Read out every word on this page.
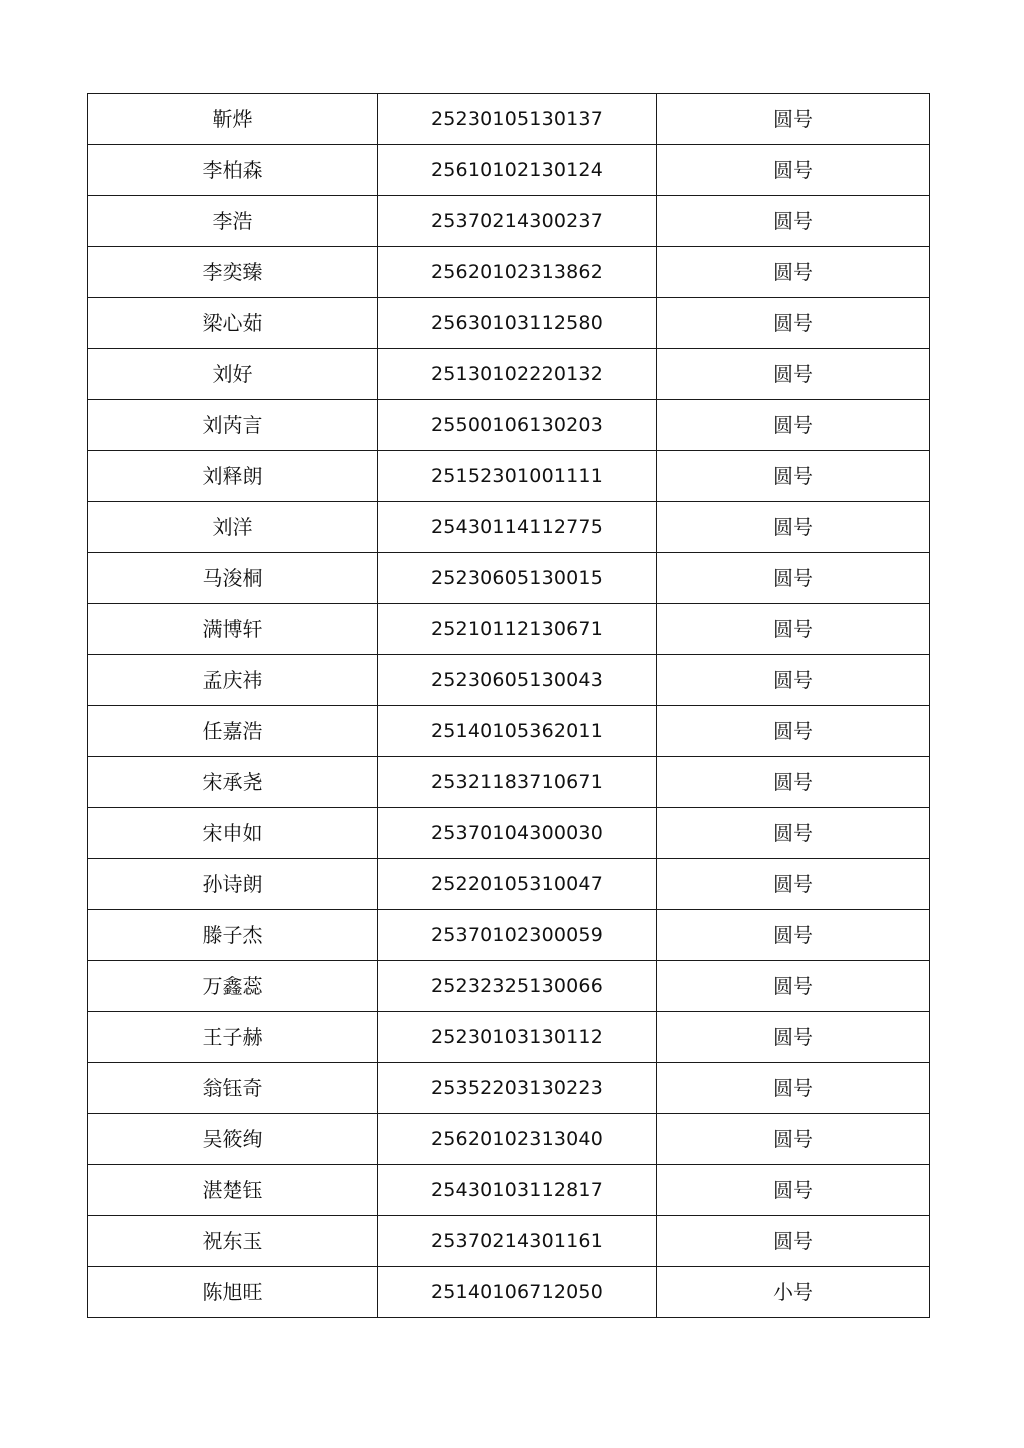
靳烨	25230105130137	圆号
李柏森	25610102130124	圆号
李浩	25370214300237	圆号
李奕臻	25620102313862	圆号
梁心茹	25630103112580	圆号
刘好	25130102220132	圆号
刘芮言	25500106130203	圆号
刘释朗	25152301001111	圆号
刘洋	25430114112775	圆号
马浚桐	25230605130015	圆号
满博轩	25210112130671	圆号
孟庆祎	25230605130043	圆号
任嘉浩	25140105362011	圆号
宋承尧	25321183710671	圆号
宋申如	25370104300030	圆号
孙诗朗	25220105310047	圆号
滕子杰	25370102300059	圆号
万鑫蕊	25232325130066	圆号
王子赫	25230103130112	圆号
翁钰奇	25352203130223	圆号
吴筱绚	25620102313040	圆号
湛楚钰	25430103112817	圆号
祝东玉	25370214301161	圆号
陈旭旺	25140106712050	小号
